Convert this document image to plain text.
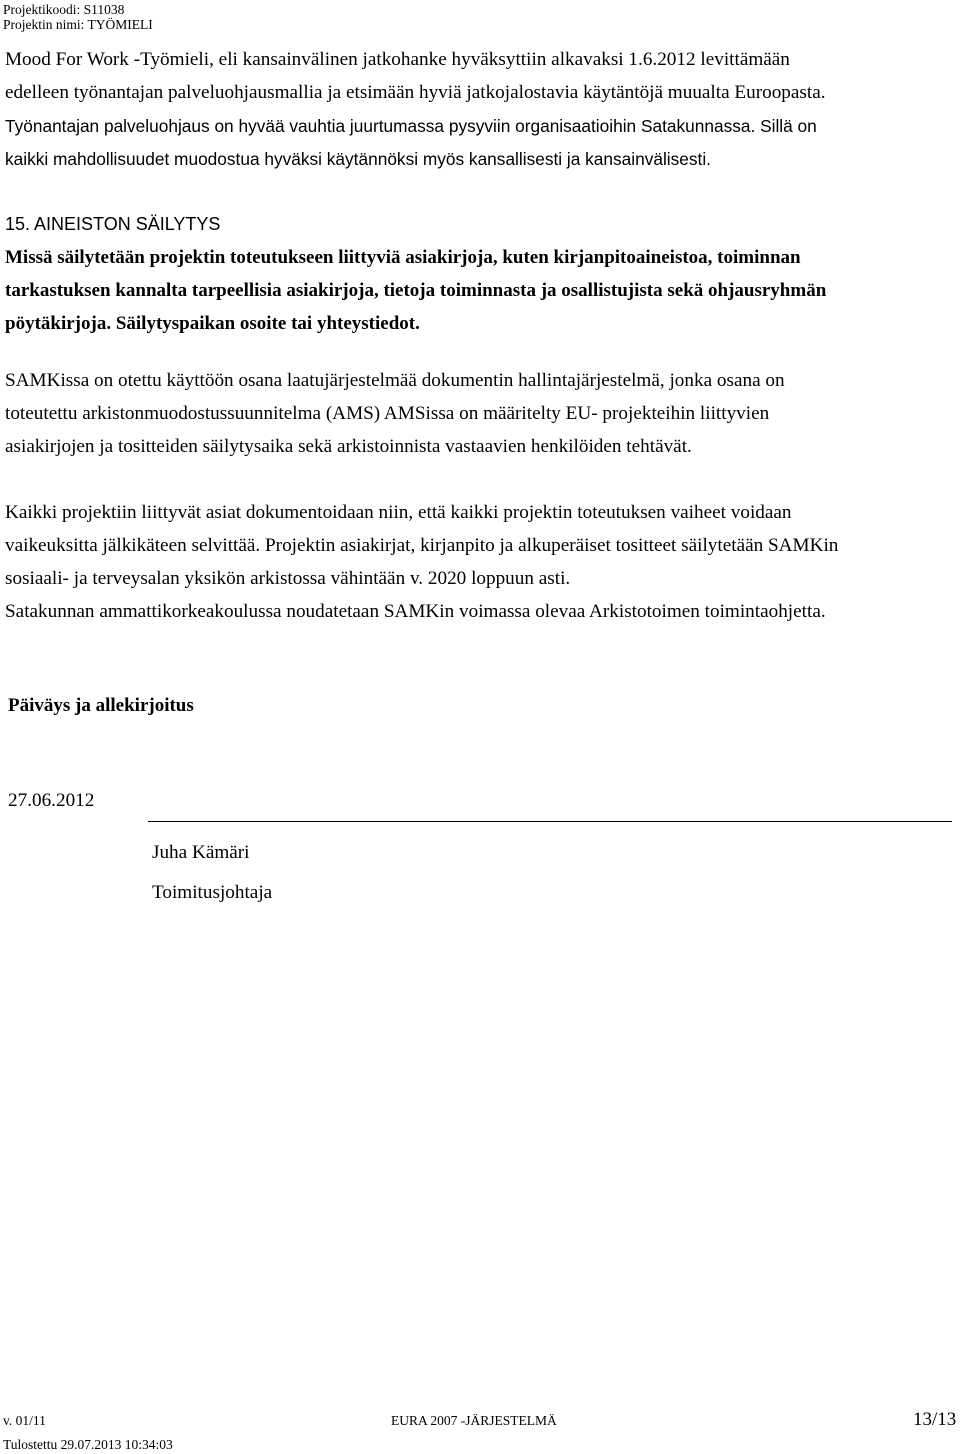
Projektikoodi: S11038
Projektin nimi: TYÖMIELI
Mood For Work -Työmieli, eli kansainvälinen jatkohanke hyväksyttiin alkavaksi 1.6.2012 levittämään
edelleen työnantajan palveluohjausmallia ja etsimään hyviä jatkojalostavia käytäntöjä muualta Euroopasta.
Työnantajan palveluohjaus on hyvää vauhtia juurtumassa pysyviin organisaatioihin Satakunnassa. Sillä on
kaikki mahdollisuudet muodostua hyväksi käytännöksi myös kansallisesti ja kansainvälisesti.
15. AINEISTON SÄILYTYS
Missä säilytetään projektin toteutukseen liittyviä asiakirjoja, kuten kirjanpitoaineistoa, toiminnan
tarkastuksen kannalta tarpeellisia asiakirjoja, tietoja toiminnasta ja osallistujista sekä ohjausryhmän
pöytäkirjoja. Säilytyspaikan osoite tai yhteystiedot.
SAMKissa on otettu käyttöön osana laatujärjestelmää dokumentin hallintajärjestelmä, jonka osana on
toteutettu arkistonmuodostussuunnitelma (AMS) AMSissa on määritelty EU- projekteihin liittyvien
asiakirjojen ja tositteiden säilytysaika sekä arkistoinnista vastaavien henkilöiden tehtävät.
Kaikki projektiin liittyvät asiat dokumentoidaan niin, että kaikki projektin toteutuksen vaiheet voidaan
vaikeuksitta jälkikäteen selvittää. Projektin asiakirjat, kirjanpito ja alkuperäiset tositteet säilytetään SAMKin
sosiaali- ja terveysalan yksikön arkistossa vähintään v. 2020 loppuun asti.
Satakunnan ammattikorkeakoulussa noudatetaan SAMKin voimassa olevaa Arkistotoimen toimintaohjetta.
Päiväys ja allekirjoitus
27.06.2012
Juha Kämäri
Toimitusjohtaja
v. 01/11	EURA 2007 -JÄRJESTELMÄ	13/13
Tulostettu 29.07.2013 10:34:03
